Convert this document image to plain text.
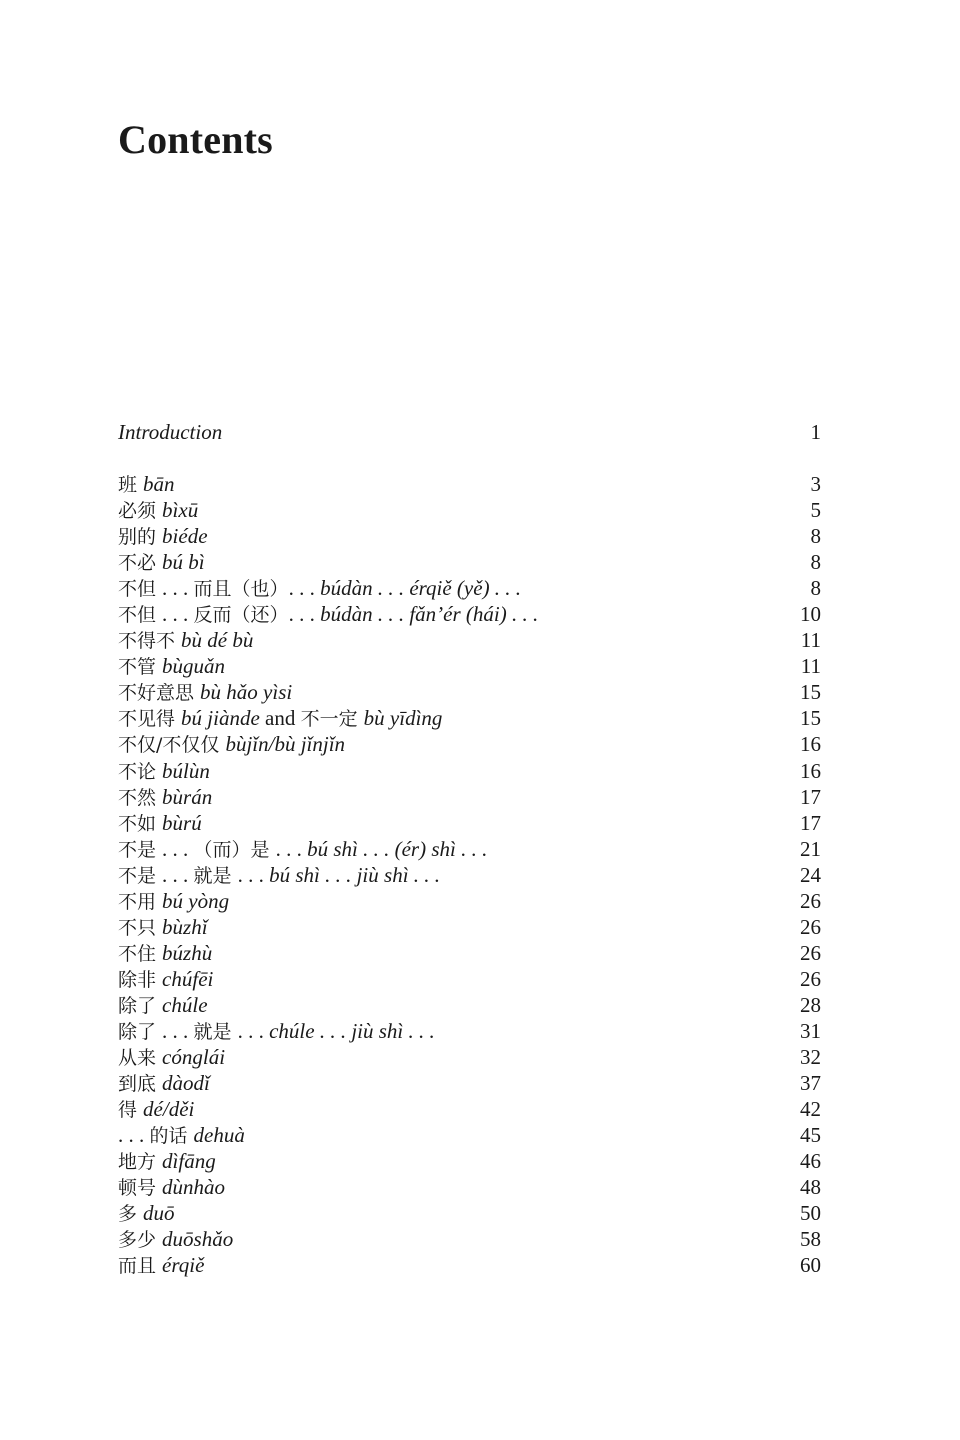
Contents
Introduction	1
班 bān	3
必须 bìxū	5
别的 biéde	8
不必 bú bì	8
不但 . . . 而且（也）. . . búdàn . . . érqiě (yě) . . .	8
不但 . . . 反而（还）. . . búdàn . . . fǎn’ér (hái) . . .	10
不得不 bù dé bù	11
不管 bùguǎn	11
不好意思 bù hǎo yìsi	15
不见得 bú jiànde and 不一定 bù yīdìng	15
不仅/不仅仅 bùjǐn/bù jǐnjǐn	16
不论 búlùn	16
不然 bùrán	17
不如 bùrú	17
不是 . . . （而）是 . . . bú shì . . . (ér) shì . . .	21
不是 . . . 就是 . . . bú shì . . . jiù shì . . .	24
不用 bú yòng	26
不只 bùzhǐ	26
不住 búzhù	26
除非 chúfēi	26
除了 chúle	28
除了 . . . 就是 . . . chúle . . . jiù shì . . .	31
从来 cónglái	32
到底 dàodǐ	37
得 dé/děi	42
. . . 的话 dehuà	45
地方 dìfāng	46
顿号 dùnhào	48
多 duō	50
多少 duōshǎo	58
而且 érqiě	60
